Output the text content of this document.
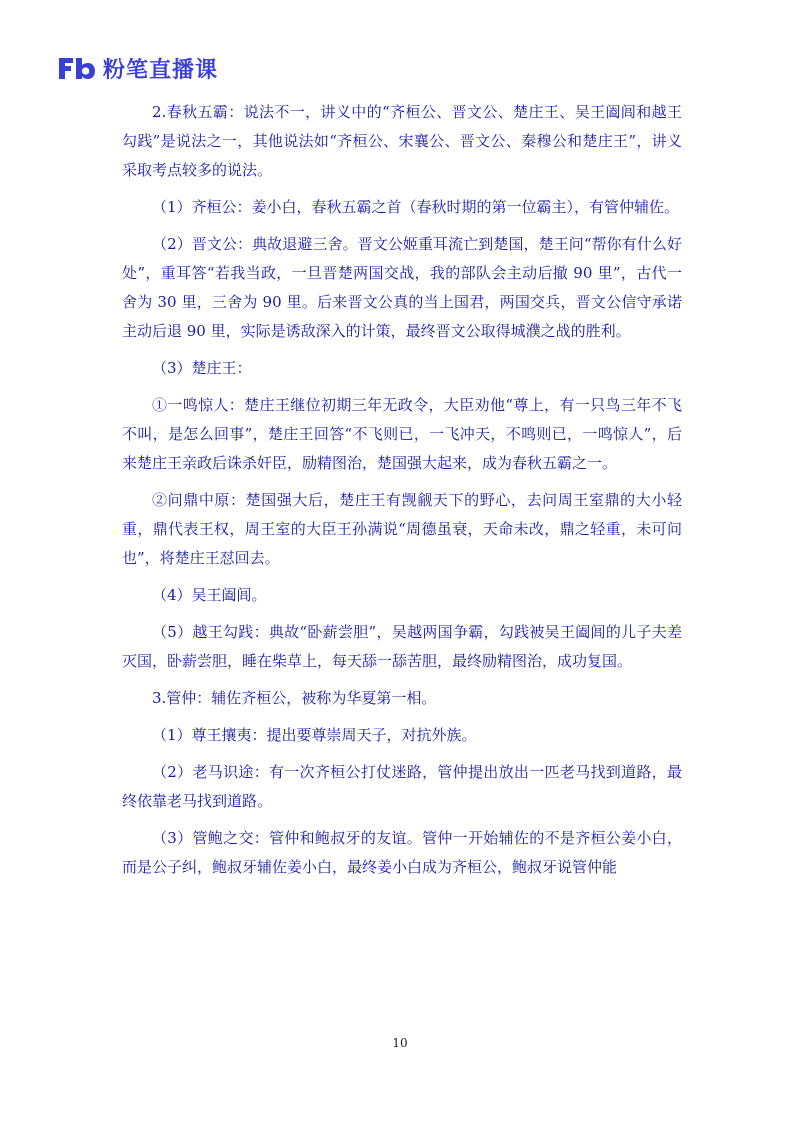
粉笔直播课

2.春秋五霸：说法不一，讲义中的“齐桓公、晋文公、楚庄王、吴王阖闾和越王勾践”是说法之一，其他说法如“齐桓公、宋襄公、晋文公、秦穆公和楚庄王”，讲义采取考点较多的说法。

（1）齐桓公：姜小白，春秋五霸之首（春秋时期的第一位霸主），有管仲辅佐。

（2）晋文公：典故退避三舍。晋文公姬重耳流亡到楚国，楚王问“帮你有什么好处”，重耳答“若我当政，一旦晋楚两国交战，我的部队会主动后撤 90 里”，古代一舍为 30 里，三舍为 90 里。后来晋文公真的当上国君，两国交兵，晋文公信守承诺主动后退 90 里，实际是诱敌深入的计策，最终晋文公取得城濮之战的胜利。

（3）楚庄王：

①一鸣惊人：楚庄王继位初期三年无政令，大臣劝他“尊上，有一只鸟三年不飞不叫，是怎么回事”，楚庄王回答“不飞则已，一飞冲天，不鸣则已，一鸣惊人”，后来楚庄王亲政后诛杀奸臣，励精图治，楚国强大起来，成为春秋五霸之一。

②问鼎中原：楚国强大后，楚庄王有觊觎天下的野心，去问周王室鼎的大小轻重，鼎代表王权，周王室的大臣王孙满说“周德虽衰，天命未改，鼎之轻重，未可问也”，将楚庄王怼回去。

（4）吴王阖闾。

（5）越王勾践：典故“卧薪尝胆”，吴越两国争霸，勾践被吴王阖闾的儿子夫差灭国，卧薪尝胆，睡在柴草上，每天舔一舔苦胆，最终励精图治，成功复国。

3.管仲：辅佐齐桓公，被称为华夏第一相。

（1）尊王攘夷：提出要尊崇周天子，对抗外族。

（2）老马识途：有一次齐桓公打仗迷路，管仲提出放出一匹老马找到道路，最终依靠老马找到道路。

（3）管鲍之交：管仲和鲍叔牙的友谊。管仲一开始辅佐的不是齐桓公姜小白，而是公子纠，鲍叔牙辅佐姜小白，最终姜小白成为齐桓公，鲍叔牙说管仲能

10
